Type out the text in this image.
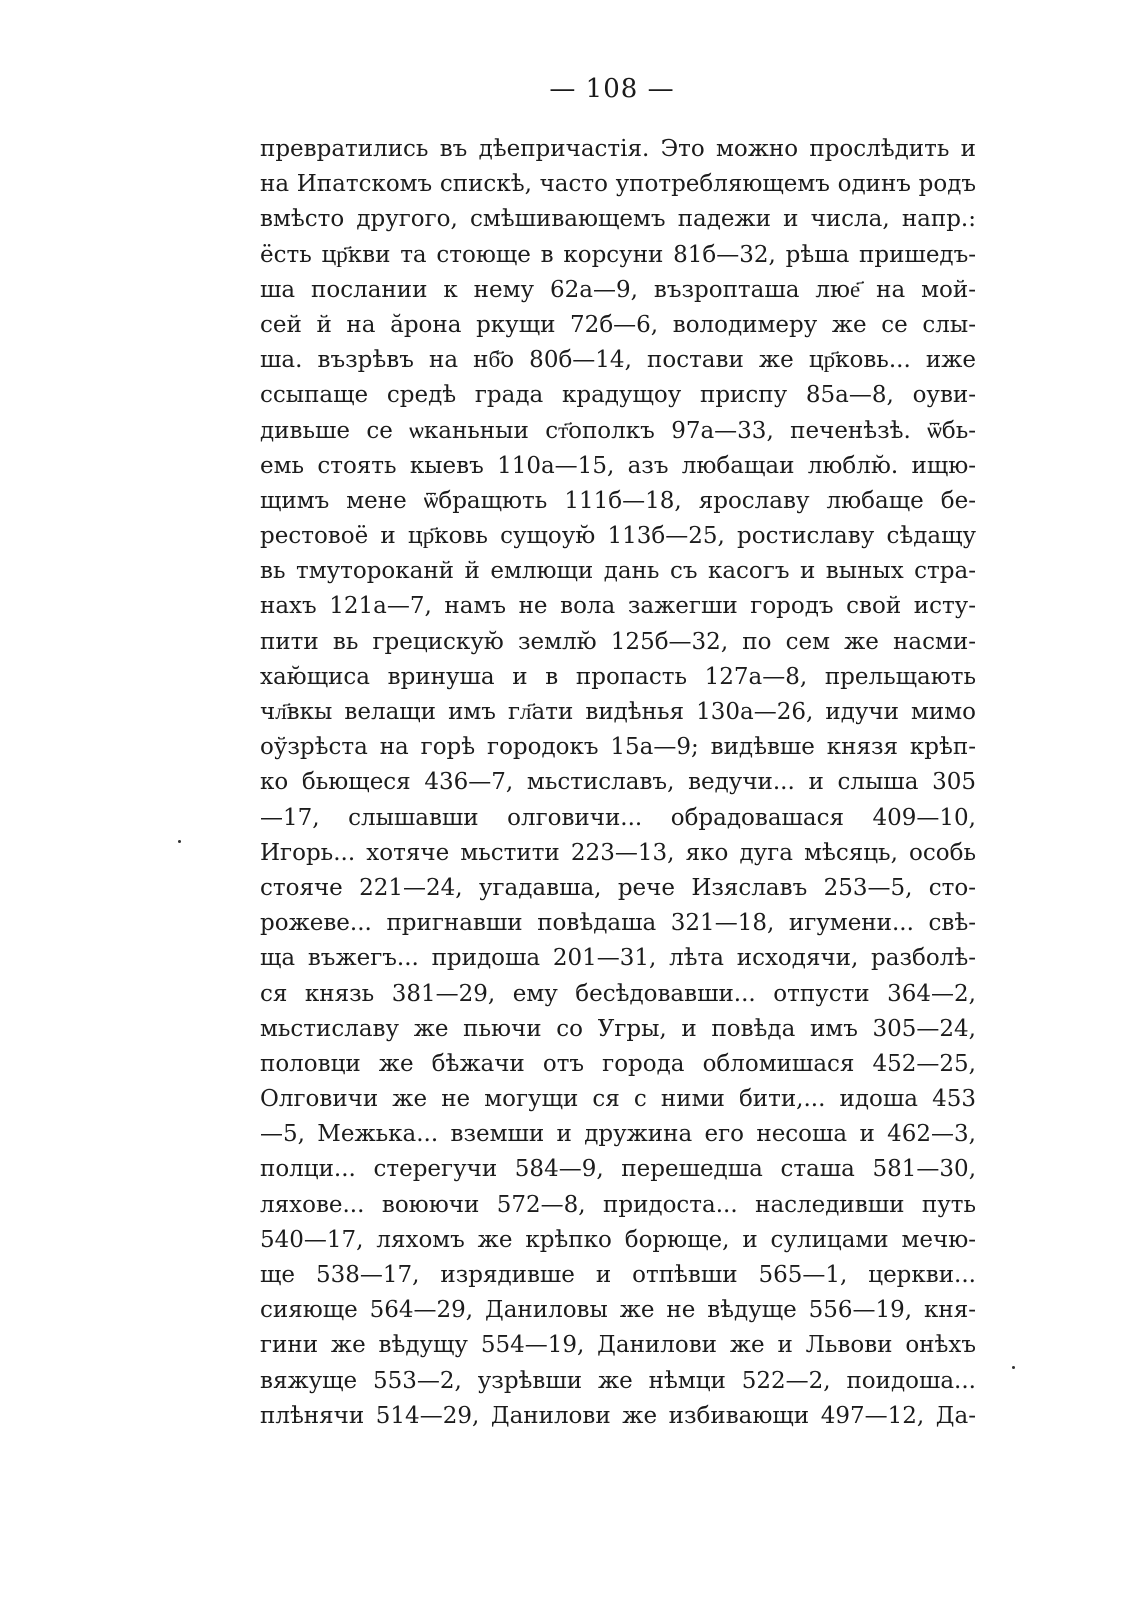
— 108 —
превратились въ дѣепричастія. Это можно прослѣдить и
на Ипатскомъ спискѣ, часто употребляющемъ одинъ родъ
вмѣсто другого, смѣшивающемъ падежи и числа, напр.:
ёсть цр҃кви та стоюще в корсуни 81б—32, рѣша пришедъ-
ша послании к нему 62а—9, възропташа люе҃ на мой-
сей й на ӑрона ркущи 72б—6, володимеру же се слы-
ша. възрѣвъ на нб҃о 80б—14, постави же цр҃ковь... иже
ссыпаще средѣ града крадущоу приспу 85а—8, оуви-
дивьше се ѡканьныи ст҃ополкъ 97а—33, печенѣзѣ. ѿбь-
емь стоять кыевъ 110а—15, азъ любащаи люблю̆. ищю-
щимъ мене ѿбращють 111б—18, ярославу любаще бе-
рестовоё и цр҃ковь сущоую̆ 113б—25, ростиславу сѣдащу
вь тмутороканй й емлющи дань съ касогъ и выных стра-
нахъ 121а—7, намъ не вола зажегши городъ свой исту-
пити вь грецискую̆ землю̆ 125б—32, по сем же насми-
хаю̆щиса вринуша и в пропасть 127а—8, прельщають
чл҃вкы велащи имъ гл҃ати видѣнья 130а—26, идучи мимо
оўзрѣста на горѣ городокъ 15а—9; видѣвше князя крѣп-
ко бьющеся 436—7, мьстиславъ, ведучи... и слыша 305
—17, слышавши олговичи... обрадовашася 409—10,
Игорь... хотяче мьстити 223—13, яко дуга мѣсяць, особь
стояче 221—24, угадавша, рече Изяславъ 253—5, сто-
рожеве... пригнавши повѣдаша 321—18, игумени... свѣ-
ща въжегъ... придоша 201—31, лѣта исходячи, разболѣ-
ся князь 381—29, ему бесѣдовавши... отпусти 364—2,
мьстиславу же пьючи со Угры, и повѣда имъ 305—24,
половци же бѣжачи отъ города обломишася 452—25,
Олговичи же не могущи ся с ними бити,... идоша 453
—5, Межька... вземши и дружина его несоша и 462—3,
полци... стерегучи 584—9, перешедша сташа 581—30,
ляхове... воюючи 572—8, придоста... наследивши путь
540—17, ляхомъ же крѣпко борюще, и сулицами мечю-
ще 538—17, изрядивше и отпѣвши 565—1, церкви...
сияюще 564—29, Даниловы же не вѣдуще 556—19, кня-
гини же вѣдущу 554—19, Данилови же и Львови онѣхъ
вяжуще 553—2, узрѣвши же нѣмци 522—2, поидоша...
плѣнячи 514—29, Данилови же избивающи 497—12, Да-
